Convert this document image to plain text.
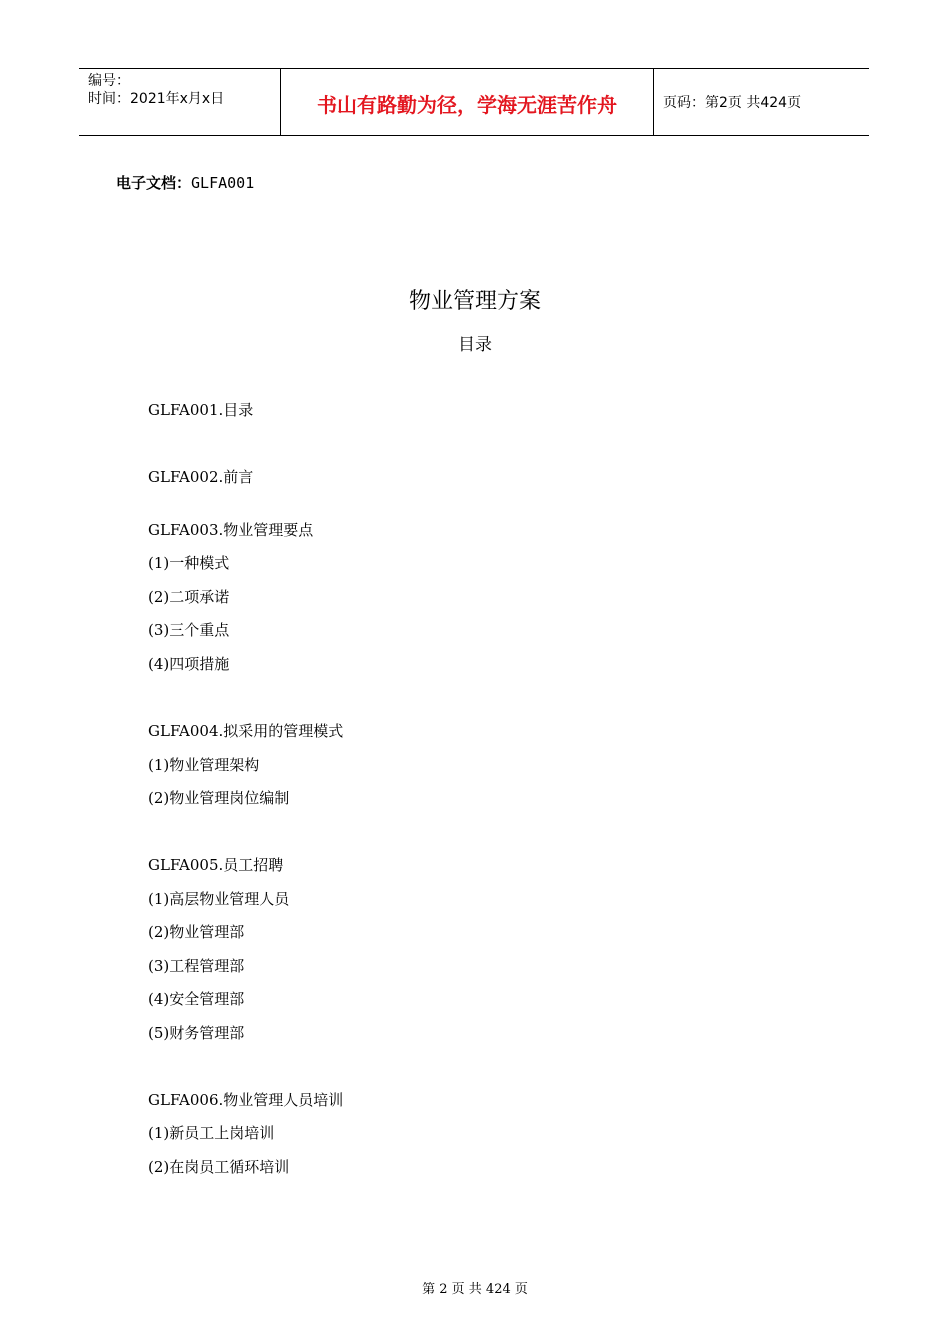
编号：
时间：2021年x月x日	书山有路勤为径，学海无涯苦作舟	页码：第2页 共424页
电子文档：GLFA001
物业管理方案
目录
GLFA001.目录
GLFA002.前言
GLFA003.物业管理要点
(1)一种模式
(2)二项承诺
(3)三个重点
(4)四项措施
GLFA004.拟采用的管理模式
(1)物业管理架构
(2)物业管理岗位编制
GLFA005.员工招聘
(1)高层物业管理人员
(2)物业管理部
(3)工程管理部
(4)安全管理部
(5)财务管理部
GLFA006.物业管理人员培训
(1)新员工上岗培训
(2)在岗员工循环培训
第 2 页 共 424 页
